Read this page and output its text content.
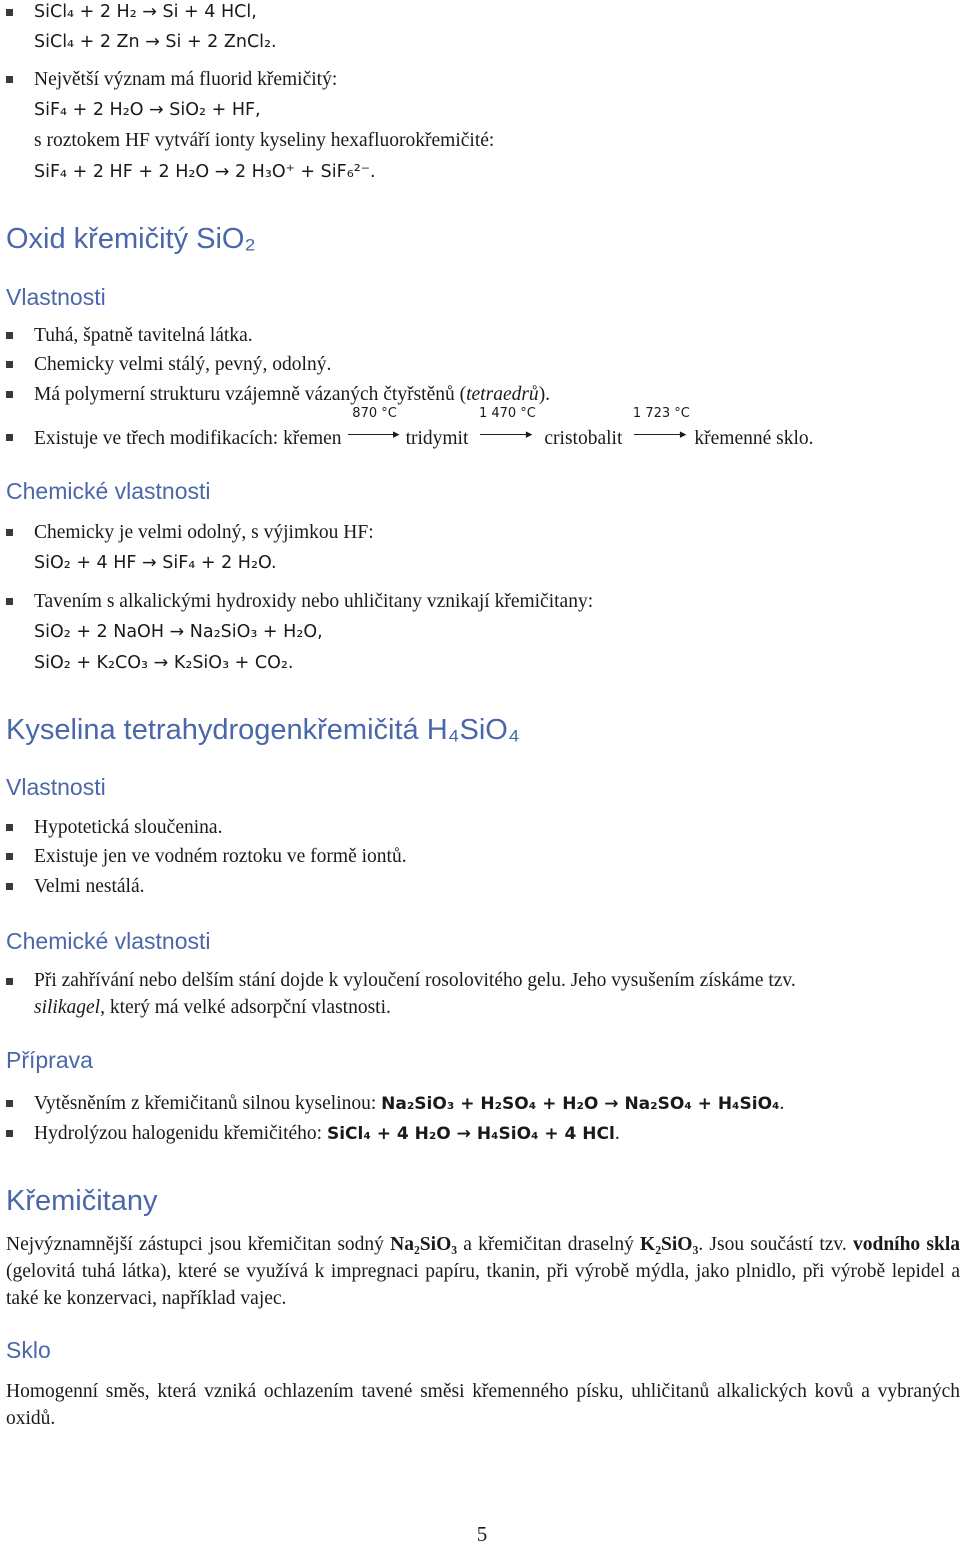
SiCl₄ + 2 H₂ → Si + 4 HCl,
SiCl₄ + 2 Zn → Si + 2 ZnCl₂.
Největší význam má fluorid křemičitý:
SiF₄ + 2 H₂O → SiO₂ + HF,
s roztokem HF vytváří ionty kyseliny hexafluorokřemičité:
SiF₄ + 2 HF + 2 H₂O → 2 H₃O⁺ + SiF₆²⁻.
Oxid křemičitý SiO₂
Vlastnosti
Tuhá, špatně tavitelná látka.
Chemicky velmi stálý, pevný, odolný.
Má polymerní strukturu vzájemně vázaných čtyřstěnů (tetraedrů).
Existuje ve třech modifikacích: křemen
870 °C
▸ tridymit
1 470 °C
▸ cristobalit
1 723 °C
▸ křemenné sklo.
Chemické vlastnosti
Chemicky je velmi odolný, s výjimkou HF:
SiO₂ + 4 HF → SiF₄ + 2 H₂O.
Tavením s alkalickými hydroxidy nebo uhličitany vznikají křemičitany:
SiO₂ + 2 NaOH → Na₂SiO₃ + H₂O,
SiO₂ + K₂CO₃ → K₂SiO₃ + CO₂.
Kyselina tetrahydrogenkřemičitá H₄SiO₄
Vlastnosti
Hypotetická sloučenina.
Existuje jen ve vodném roztoku ve formě iontů.
Velmi nestálá.
Chemické vlastnosti
Při zahřívání nebo delším stání dojde k vyloučení rosolovitého gelu. Jeho vysušením získáme tzv.
silikagel, který má velké adsorpční vlastnosti.
Příprava
Vytěsněním z křemičitanů silnou kyselinou: Na₂SiO₃ + H₂SO₄ + H₂O → Na₂SO₄ + H₄SiO₄.
Hydrolýzou halogenidu křemičitého: SiCl₄ + 4 H₂O → H₄SiO₄ + 4 HCl.
Křemičitany
Nejvýznamnější zástupci jsou křemičitan sodný Na₂SiO₃ a křemičitan draselný K₂SiO₃. Jsou součástí tzv. vodního skla (gelovitá tuhá látka), které se využívá k impregnaci papíru, tkanin, při výrobě mýdla, jako plnidlo, při výrobě lepidel a také ke konzervaci, například vajec.
Sklo
Homogenní směs, která vzniká ochlazením tavené směsi křemenného písku, uhličitanů alkalických kovů a vybraných oxidů.
5
